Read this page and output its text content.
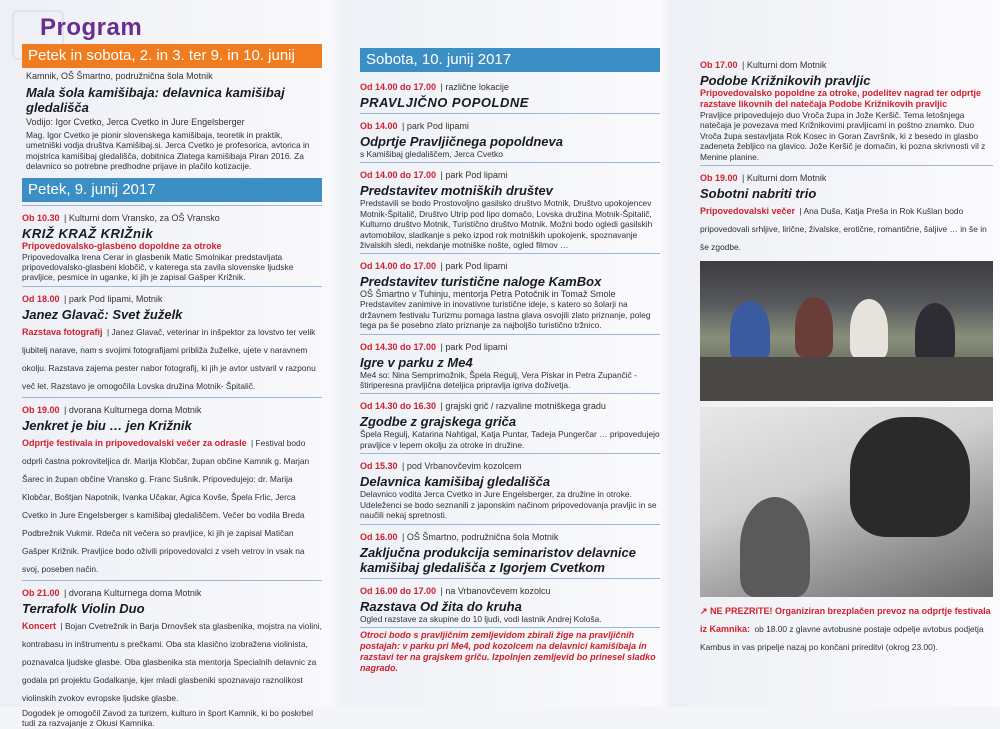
Program
Petek in sobota, 2. in 3. ter 9. in 10. junij
Kamnik, OŠ Šmartno, podružnična šola Motnik
Mala šola kamišibaja: delavnica kamišibaj gledališča
Vodijo: Igor Cvetko, Jerca Cvetko in Jure Engelsberger
Mag. Igor Cvetko je pionir slovenskega kamišibaja, teoretik in praktik, umetniški vodja društva Kamišibaj.si. Jerca Cvetko je profesorica, avtorica in mojstrica kamišibaj gledališča, dobitnica Zlatega kamišibaja Piran 2016. Za delavnico so potrebne predhodne prijave in plačilo kotizacije.
Petek, 9. junij 2017
Ob 10.30 | Kulturni dom Vransko, za OŠ Vransko
KRIŽ KRAŽ KRIŽnik
Pripovedovalsko-glasbeno dopoldne za otroke
Pripovedovalka Irena Cerar in glasbenik Matic Smolnikar predstavljata pripovedovalsko-glasbeni klobčič, v katerega sta zavila slovenske ljudske pravljice, pesmice in uganke, ki jih je zapisal Gašper Križnik.
Od 18.00 | park Pod lipami, Motnik
Janez Glavač: Svet žuželk
Razstava fotografij | Janez Glavač, veterinar in inšpektor za lovstvo ter velik ljubitelj narave, nam s svojimi fotografijami približa žuželke, ujete v naravnem okolju. Razstava zajema pester nabor fotografij, ki jih je avtor ustvaril v razponu več let. Razstavo je omogočila Lovska družina Motnik- Špitalič.
Ob 19.00 | dvorana Kulturnega doma Motnik
Jenkret je biu … jen Križnik
Odprtje festivala in pripovedovalski večer za odrasle | Festival bodo odprli častna pokroviteljica dr. Marija Klobčar, župan občine Kamnik g. Marjan Šarec in župan občine Vransko g. Franc Sušnik. Pripovedujejo: dr. Marija Klobčar, Boštjan Napotnik, Ivanka Učakar, Agica Kovše, Špela Frlic, Jerca Cvetko in Jure Engelsberger s kamišibaj gledališčem. Večer bo vodila Breda Podbrežnik Vukmir. Rdeča nit večera so pravljice, ki jih je zapisal Matičan Gašper Križnik. Pravljice bodo oživili pripovedovalci z vseh vetrov in vsak na svoj, poseben način.
Ob 21.00 | dvorana Kulturnega doma Motnik
Terrafolk Violin Duo
Koncert | Bojan Cvetrežnik in Barja Drnovšek sta glasbenika, mojstra na violini, kontrabasu in inštrumentu s prečkami. Oba sta klasično izobražena violinista, poznavalca ljudske glasbe. Oba glasbenika sta mentorja Specialnih delavnic za godala pri projektu Godalkanje, kjer mladi glasbeniki spoznavajo raznolikost violinskih zvokov evropske ljudske glasbe.
Dogodek je omogočil Zavod za turizem, kulturo in šport Kamnik, ki bo poskrbel tudi za razvajanje z Okusi Kamnika.
Sobota, 10. junij 2017
Od 14.00 do 17.00 | različne lokacije
PRAVLJIČNO POPOLDNE
Ob 14.00 | park Pod lipami
Odprtje Pravljičnega popoldneva
s Kamišibaj gledališčem, Jerca Cvetko
Od 14.00 do 17.00 | park Pod lipami
Predstavitev motniških društev
Predstavili se bodo Prostovoljno gasilsko društvo Motnik, Društvo upokojencev Motnik-Špitalič, Društvo Utrip pod lipo domačo, Lovska družina Motnik-Špitalič, Kulturno društvo Motnik, Turistično društvo Motnik. Možni bodo ogledi gasilskih avtomobilov, sladkanje s peko izpod rok motniških upokojenk, spoznavanje živalskih sledi, nekdanje motniške nošte, ogled filmov …
Od 14.00 do 17.00 | park Pod lipami
Predstavitev turistične naloge KamBox
OŠ Šmartno v Tuhinju, mentorja Petra Potočnik in Tomaž Smole
Predstavitev zanimive in inovativne turistične ideje, s katero so šolarji na državnem festivalu Turizmu pomaga lastna glava osvojili zlato priznanje, poleg tega pa še posebno zlato priznanje za najboljšo turistično tržnico.
Od 14.30 do 17.00 | park Pod lipami
Igre v parku z Me4
Me4 so: Nina Semprimožnik, Špela Regulj, Vera Piskar in Petra Zupančič - štiriperesna pravljična deteljica pripravlja igriva doživetja.
Od 14.30 do 16.30 | grajski grič / razvaline motniškega gradu
Zgodbe z grajskega griča
Špela Regulj, Katarina Nahtigal, Katja Puntar, Tadeja Pungerčar … pripovedujejo pravljice v lepem okolju za otroke in družine.
Od 15.30 | pod Vrbanovčevim kozolcem
Delavnica kamišibaj gledališča
Delavnico vodita Jerca Cvetko in Jure Engelsberger, za družine in otroke. Udeleženci se bodo seznanili z japonskim načinom pripovedovanja pravljic in se naučili nekaj spretnosti.
Od 16.00 | OŠ Šmartno, podružnična šola Motnik
Zaključna produkcija seminaristov delavnice kamišibaj gledališča z Igorjem Cvetkom
Od 16.00 do 17.00 | na Vrbanovčevem kozolcu
Razstava Od žita do kruha
Ogled razstave za skupine do 10 ljudi, vodi lastnik Andrej Kološa.
Otroci bodo s pravljičnim zemljevidom zbirali žige na pravljičnih postajah: v parku pri Me4, pod kozolcem na delavnici kamišibaja in razstavi ter na grajskem griču. Izpolnjen zemljevid bo prinesel sladko nagrado.
Ob 17.00 | Kulturni dom Motnik
Podobe Križnikovih pravljic
Pripovedovalsko popoldne za otroke, podelitev nagrad ter odprtje razstave likovnih del natečaja Podobe Križnikovih pravljic
Pravljice pripovedujejo duo Vroča župa in Jože Keršič. Tema letošnjega natečaja je povezava med Križnikovimi pravljicami in poštno znamko. Duo Vroča župa sestavljata Rok Kosec in Goran Završnik, ki z besedo in glasbo zadeneta žebljico na glavico. Jože Keršič je domačin, ki pozna skrivnosti vil z Menine planine.
Ob 19.00 | Kulturni dom Motnik
Sobotni nabriti trio
Pripovedovalski večer | Ana Duša, Katja Preša in Rok Kušlan bodo pripovedovali srhljive, lirične, živalske, erotične, romantične, šaljive … in še in še zgodbe.
↗ NE PREZRITE! Organiziran brezplačen prevoz na odprtje festivala iz Kamnika: ob 18.00 z glavne avtobusne postaje odpelje avtobus podjetja Kambus in vas pripelje nazaj po končani prireditvi (okrog 23.00).
